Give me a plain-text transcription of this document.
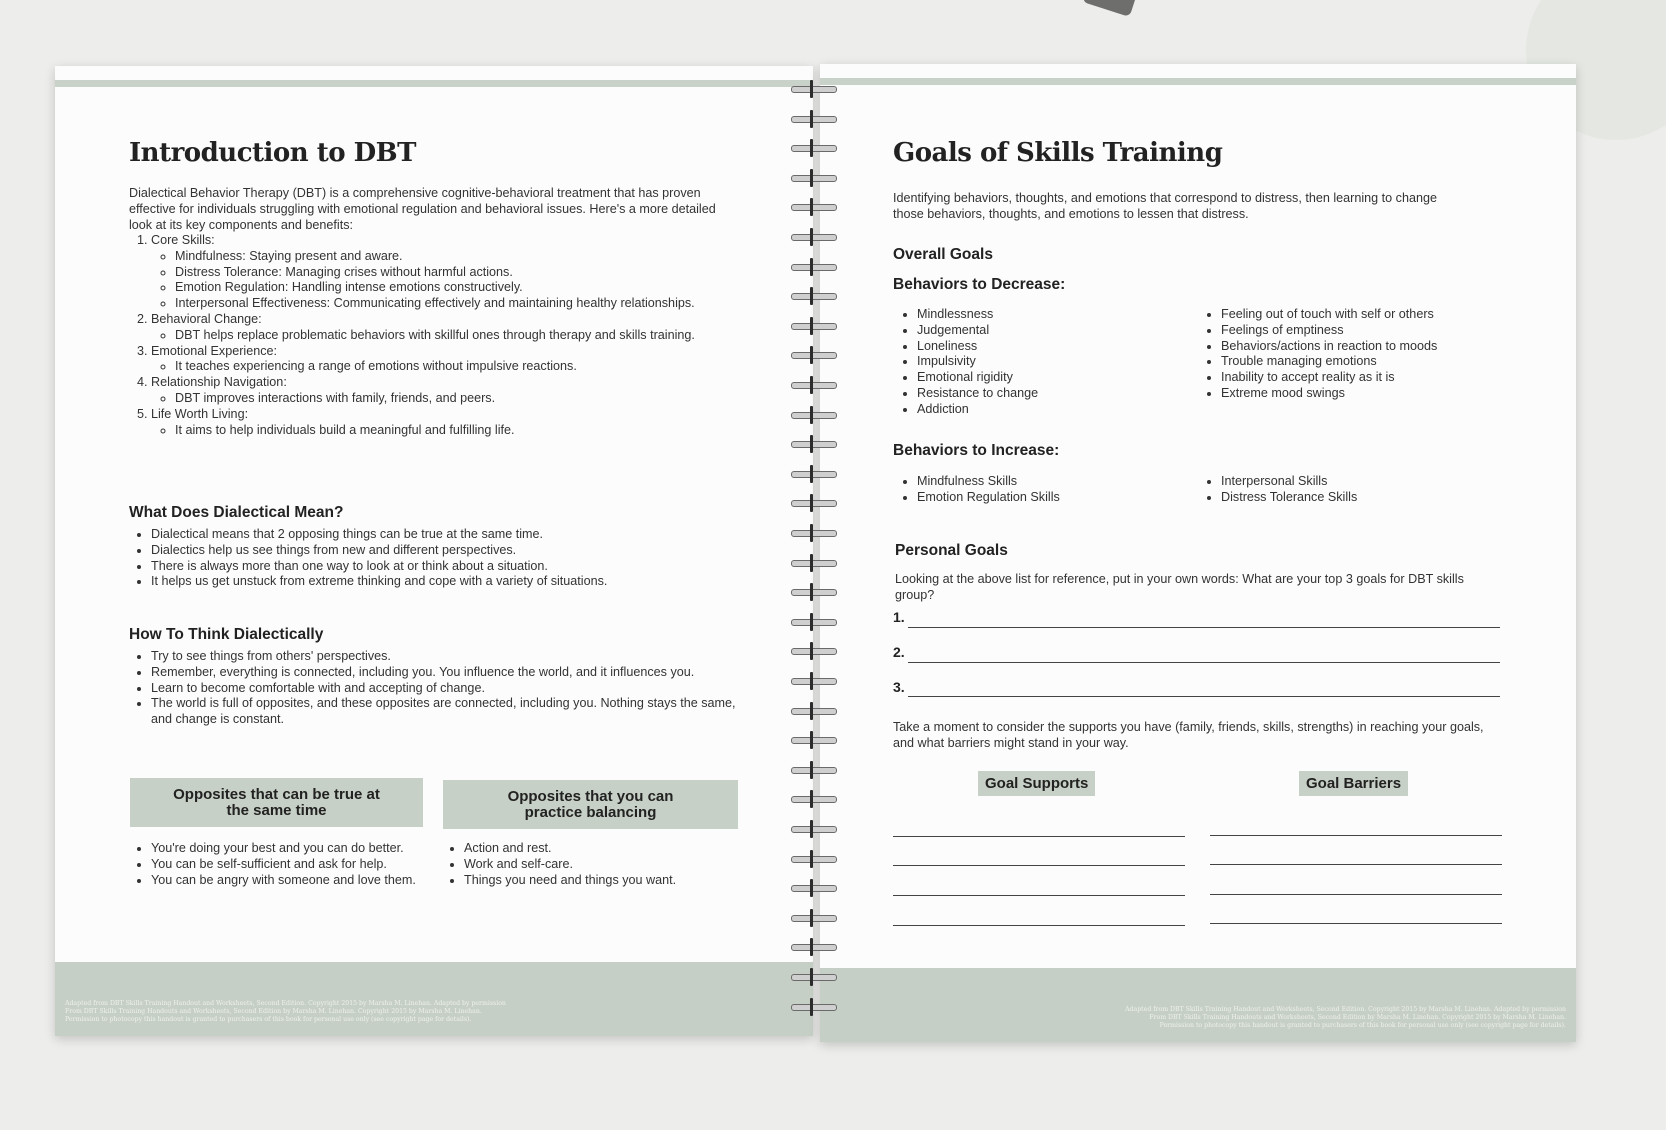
Introduction to DBT
Dialectical Behavior Therapy (DBT) is a comprehensive cognitive-behavioral treatment that has proven effective for individuals struggling with emotional regulation and behavioral issues. Here's a more detailed look at its key components and benefits:
1. Core Skills:
◦ Mindfulness: Staying present and aware.
◦ Distress Tolerance: Managing crises without harmful actions.
◦ Emotion Regulation: Handling intense emotions constructively.
◦ Interpersonal Effectiveness: Communicating effectively and maintaining healthy relationships.
2. Behavioral Change:
◦ DBT helps replace problematic behaviors with skillful ones through therapy and skills training.
3. Emotional Experience:
◦ It teaches experiencing a range of emotions without impulsive reactions.
4. Relationship Navigation:
◦ DBT improves interactions with family, friends, and peers.
5. Life Worth Living:
◦ It aims to help individuals build a meaningful and fulfilling life.
What Does Dialectical Mean?
• Dialectical means that 2 opposing things can be true at the same time.
• Dialectics help us see things from new and different perspectives.
• There is always more than one way to look at or think about a situation.
• It helps us get unstuck from extreme thinking and cope with a variety of situations.
How To Think Dialectically
• Try to see things from others' perspectives.
• Remember, everything is connected, including you. You influence the world, and it influences you.
• Learn to become comfortable with and accepting of change.
• The world is full of opposites, and these opposites are connected, including you. Nothing stays the same, and change is constant.
Opposites that can be true at the same time
Opposites that you can practice balancing
• You're doing your best and you can do better.
• You can be self-sufficient and ask for help.
• You can be angry with someone and love them.
• Action and rest.
• Work and self-care.
• Things you need and things you want.
Adapted from DBT Skills Training Handout and Worksheets, Second Edition. Copyright 2015 by Marsha M. Linehan. Adapted by permission
From DBT Skills Training Handouts and Worksheets, Second Edition by Marsha M. Linehan. Copyright 2015 by Marsha M. Linehan.
Permission to photocopy this handout is granted to purchasers of this book for personal use only (see copyright page for details).
Goals of Skills Training
Identifying behaviors, thoughts, and emotions that correspond to distress, then learning to change those behaviors, thoughts, and emotions to lessen that distress.
Overall Goals
Behaviors to Decrease:
• Mindlessness
• Judgemental
• Loneliness
• Impulsivity
• Emotional rigidity
• Resistance to change
• Addiction
• Feeling out of touch with self or others
• Feelings of emptiness
• Behaviors/actions in reaction to moods
• Trouble managing emotions
• Inability to accept reality as it is
• Extreme mood swings
Behaviors to Increase:
• Mindfulness Skills
• Emotion Regulation Skills
• Interpersonal Skills
• Distress Tolerance Skills
Personal Goals
Looking at the above list for reference, put in your own words: What are your top 3 goals for DBT skills group?
1.
2.
3.
Take a moment to consider the supports you have (family, friends, skills, strengths) in reaching your goals, and what barriers might stand in your way.
Goal Supports	Goal Barriers
Adapted from DBT Skills Training Handout and Worksheets, Second Edition. Copyright 2015 by Marsha M. Linehan. Adapted by permission
From DBT Skills Training Handouts and Worksheets, Second Edition by Marsha M. Linehan. Copyright 2015 by Marsha M. Linehan.
Permission to photocopy this handout is granted to purchasers of this book for personal use only (see copyright page for details).
